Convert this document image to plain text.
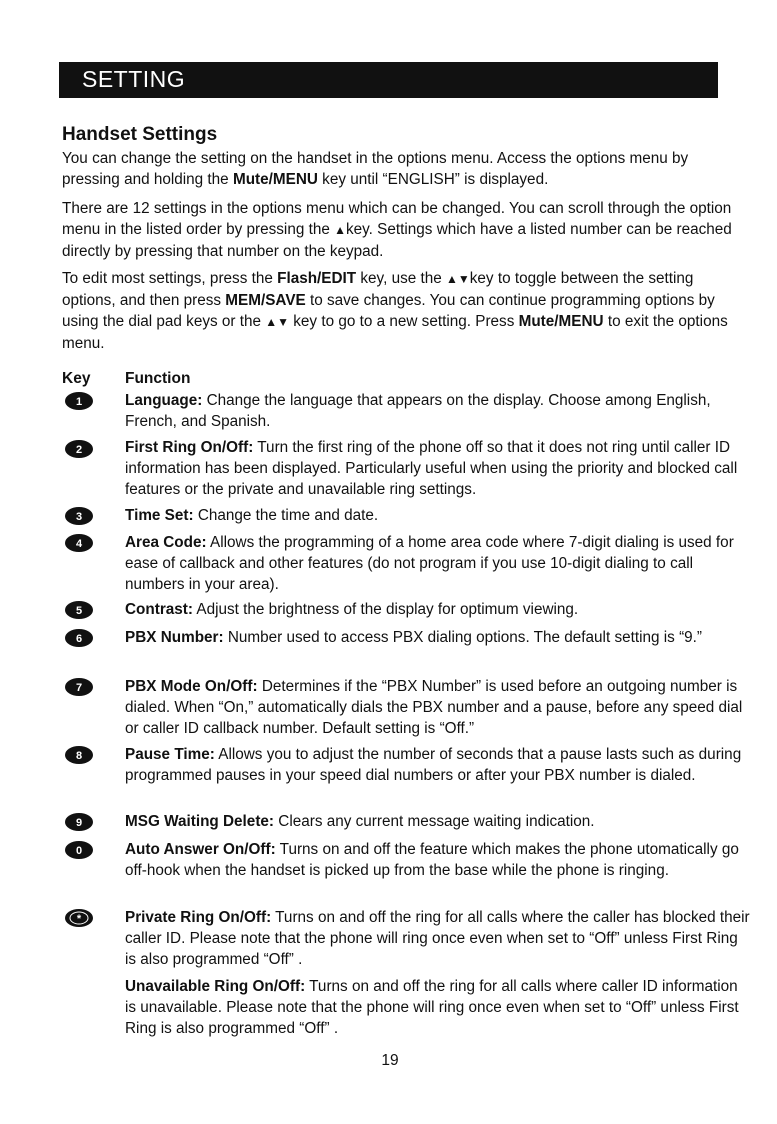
SETTING
Handset Settings

You can change the setting on the handset in the options menu. Access the options menu by pressing and holding the Mute/MENU key until “ENGLISH” is displayed.

There are 12 settings in the options menu which can be changed. You can scroll through the option menu in the listed order by pressing the ▲key. Settings which have a listed number can be reached directly by pressing that number on the keypad.

To edit most settings, press the Flash/EDIT key, use the ▲▼key to toggle between the setting options, and then press MEM/SAVE to save changes. You can continue programming options by using the dial pad keys or the ▲▼ key to go to a new setting. Press Mute/MENU to exit the options menu.

Key Function
Language: Change the language that appears on the display. Choose among English, French, and Spanish.
First Ring On/Off: Turn the first ring of the phone off so that it does not ring until caller ID information has been displayed. Particularly useful when using the priority and blocked call features or the private and unavailable ring settings.
Time Set: Change the time and date.
Area Code: Allows the programming of a home area code where 7-digit dialing is used for ease of callback and other features (do not program if you use 10-digit dialing to call numbers in your area).
Contrast: Adjust the brightness of the display for optimum viewing.
PBX Number: Number used to access PBX dialing options. The default setting is “9.”
PBX Mode On/Off: Determines if the “PBX Number” is used before an outgoing number is dialed. When “On,” automatically dials the PBX number and a pause, before any speed dial or caller ID callback number. Default setting is “Off.”
Pause Time: Allows you to adjust the number of seconds that a pause lasts such as during programmed pauses in your speed dial numbers or after your PBX number is dialed.
MSG Waiting Delete: Clears any current message waiting indication.
Auto Answer On/Off: Turns on and off the feature which makes the phone utomatically go off-hook when the handset is picked up from the base while the phone is ringing.
Private Ring On/Off: Turns on and off the ring for all calls where the caller has blocked their caller ID. Please note that the phone will ring once even when set to “Off” unless First Ring is also programmed “Off” .
Unavailable Ring On/Off: Turns on and off the ring for all calls where caller ID information is unavailable. Please note that the phone will ring once even when set to “Off” unless First Ring is also programmed “Off” .
1
2
3
4
5
6
7
8
9
0
*
19
